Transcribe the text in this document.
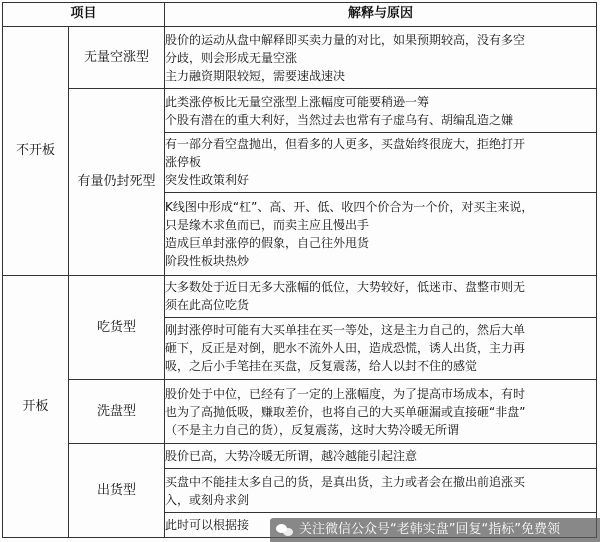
项目		解释与原因
不开板	无量空涨型	股价的运动从盘中解释即买卖力量的对比，如果预期较高，没有多空
分歧，则会形成无量空涨
主力融资期限较短，需要速战速决

	有量仍封死型	此类涨停板比无量空涨型上涨幅度可能要稍逊一筹
个股有潜在的重大利好，当然过去也常有子虚乌有、胡编乱造之嫌

		有一部分看空盘抛出，但看多的人更多，买盘始终很庞大，拒绝打开
涨停板
突发性政策利好

		K线图中形成“杠”、高、开、低、收四个价合为一个价，对买主来说，
只是缘木求鱼而已，而卖主应且慢出手
造成巨单封涨停的假象，自己往外甩货
阶段性板块热炒

开板	吃货型	大多数处于近日无多大涨幅的低位，大势较好，低迷市、盘整市则无
须在此高位吃货

		刚封涨停时可能有大买单挂在买一等处，这是主力自己的，然后大单
砸下，反正是对倒，肥水不流外人田，造成恐慌，诱人出货，主力再
吸，之后小手笔挂在买盘，反复震荡，给人以封不住的感觉

	洗盘型	股价处于中位，已经有了一定的上涨幅度，为了提高市场成本，有时
也为了高抛低吸，赚取差价，也将自己的大买单砸漏或直接砸“非盘”
（不是主力自己的货），反复震荡，这时大势冷暖无所谓

	出货型	股价已高，大势冷暖无所谓，越冷越能引起注意

		买盘中不能挂太多自己的货，是真出货，主力或者会在撤出前追涨买
入，或刻舟求剑

		此时可以根据接	关注微信公众号“老韩实盘”回复“指标”免费领
